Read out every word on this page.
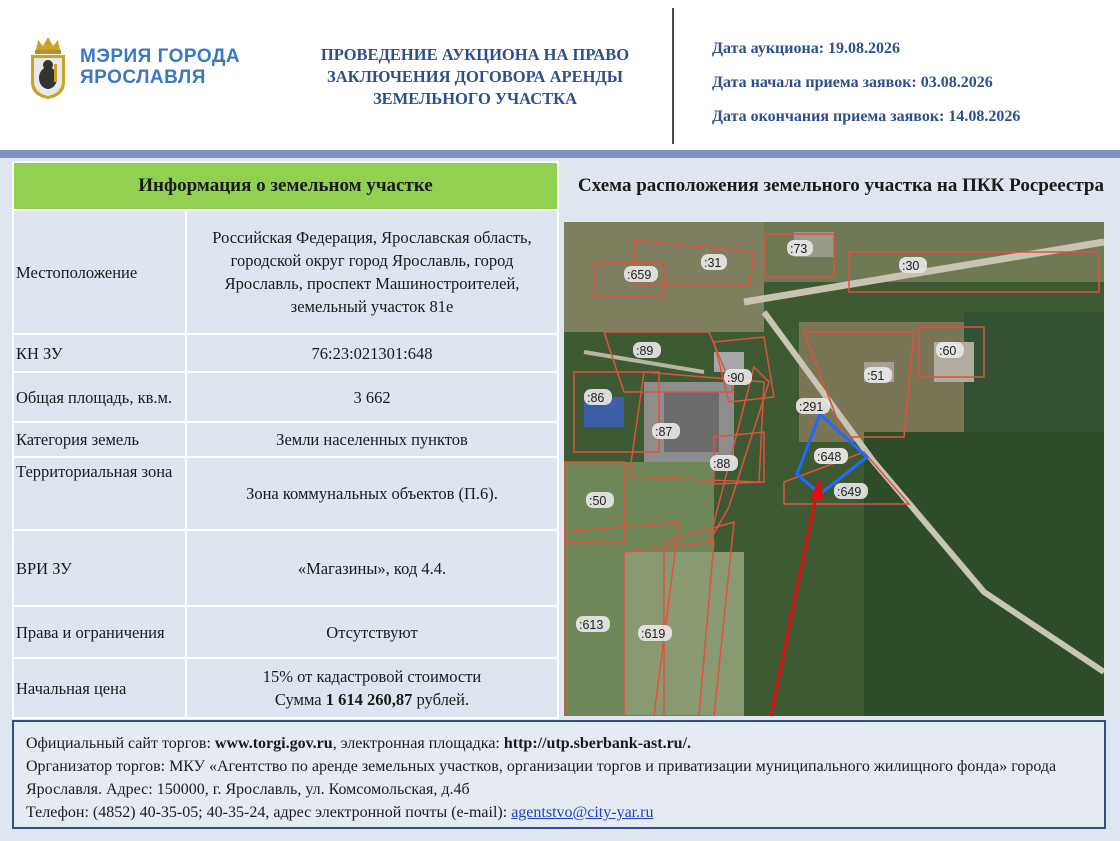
МЭРИЯ ГОРОДА
ЯРОСЛАВЛЯ
ПРОВЕДЕНИЕ АУКЦИОНА НА ПРАВО ЗАКЛЮЧЕНИЯ ДОГОВОРА АРЕНДЫ ЗЕМЕЛЬНОГО УЧАСТКА
Дата аукциона: 19.08.2026
Дата начала приема заявок: 03.08.2026
Дата окончания приема заявок: 14.08.2026
Информация о земельном участке	
Местоположение	Российская Федерация, Ярославская область, городской округ город Ярославль, город Ярославль, проспект Машиностроителей, земельный участок 81е
КН ЗУ	76:23:021301:648
Общая площадь, кв.м.	3 662
Категория земель	Земли населенных пунктов
Территориальная зона	Зона коммунальных объектов (П.6).
ВРИ ЗУ	«Магазины», код 4.4.
Права и ограничения	Отсутствуют
Начальная цена	15% от кадастровой стоимости
Сумма 1 614 260,87 рублей.
Схема расположения земельного участка на ПКК Росреестра
:73
:659
:31	:30
:89
:90
:60
:51
:86
:291
:87
:88	:648
:649
:50
:613
:619
Официальный сайт торгов: www.torgi.gov.ru, электронная площадка: http://utp.sberbank-ast.ru/.
Организатор торгов: МКУ «Агентство по аренде земельных участков, организации торгов и приватизации муниципального жилищного фонда» города Ярославля. Адрес: 150000, г. Ярославль, ул. Комсомольская, д.4б
Телефон: (4852) 40-35-05; 40-35-24, адрес электронной почты (e-mail): agentstvo@city-yar.ru
